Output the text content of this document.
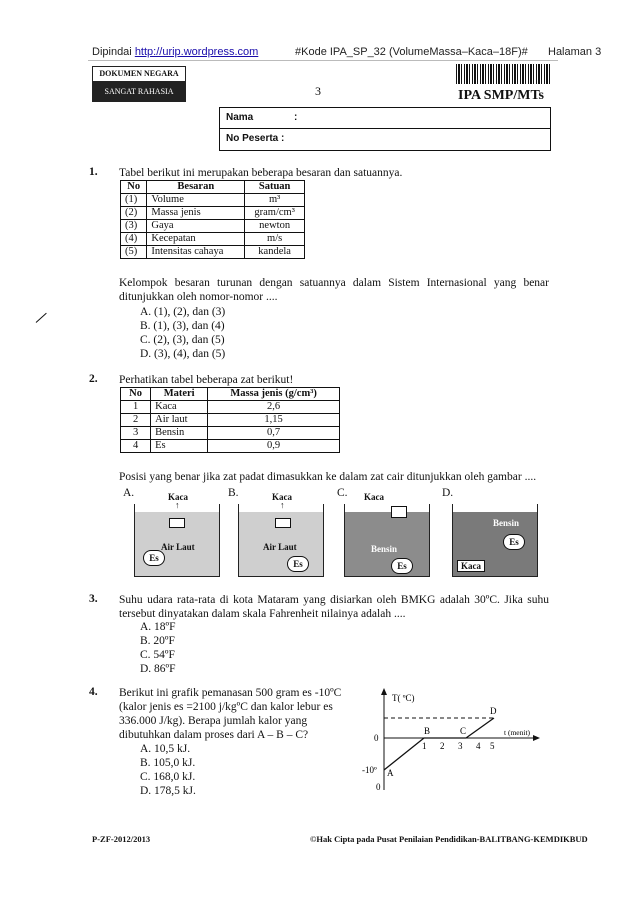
Dipindai http://urip.wordpress.com	#Kode IPA_SP_32 (VolumeMassa–Kaca–18F)# Halaman 3
DOKUMEN NEGARA
SANGAT RAHASIA	3	IPA SMP/MTs
Nama	:
No Peserta :
1. Tabel berikut ini merupakan beberapa besaran dan satuannya.
No	Besaran	Satuan
(1)	Volume	m³
(2)	Massa jenis	gram/cm³
(3)	Gaya	newton
(4)	Kecepatan	m/s
(5)	Intensitas cahaya	kandela
Kelompok besaran turunan dengan satuannya dalam Sistem Internasional yang benar ditunjukkan oleh nomor-nomor ....
A. (1), (2), dan (3)
B. (1), (3), dan (4)
C. (2), (3), dan (5)
D. (3), (4), dan (5)
2. Perhatikan tabel beberapa zat berikut!
No	Materi	Massa jenis (g/cm³)
1	Kaca	2,6
2	Air laut	1,15
3	Bensin	0,7
4	Es	0,9
Posisi yang benar jika zat padat dimasukkan ke dalam zat cair ditunjukkan oleh gambar ....
A.	Kaca
↑
Air Laut
Es
B.	Kaca
↑
Air Laut
Es
C. Kaca
Bensin
Es
D.
Bensin
Es
Kaca
3. Suhu udara rata-rata di kota Mataram yang disiarkan oleh BMKG adalah 30ºC. Jika suhu tersebut dinyatakan dalam skala Fahrenheit nilainya adalah ....
A. 18ºF
B. 20ºF
C. 54ºF
D. 86ºF
4. Berikut ini grafik pemanasan 500 gram es -10ºC
(kalor jenis es =2100 j/kgºC dan kalor lebur es
336.000 J/kg). Berapa jumlah kalor yang
dibutuhkan dalam proses dari A – B – C?
A. 10,5 kJ.
B. 105,0 kJ.
C. 168,0 kJ.
D. 178,5 kJ.
T( ºC)
t (menit)
0
-10º
0
1 2 3 4 5
A
B	C
D
P-ZF-2012/2013	©Hak Cipta pada Pusat Penilaian Pendidikan-BALITBANG-KEMDIKBUD
